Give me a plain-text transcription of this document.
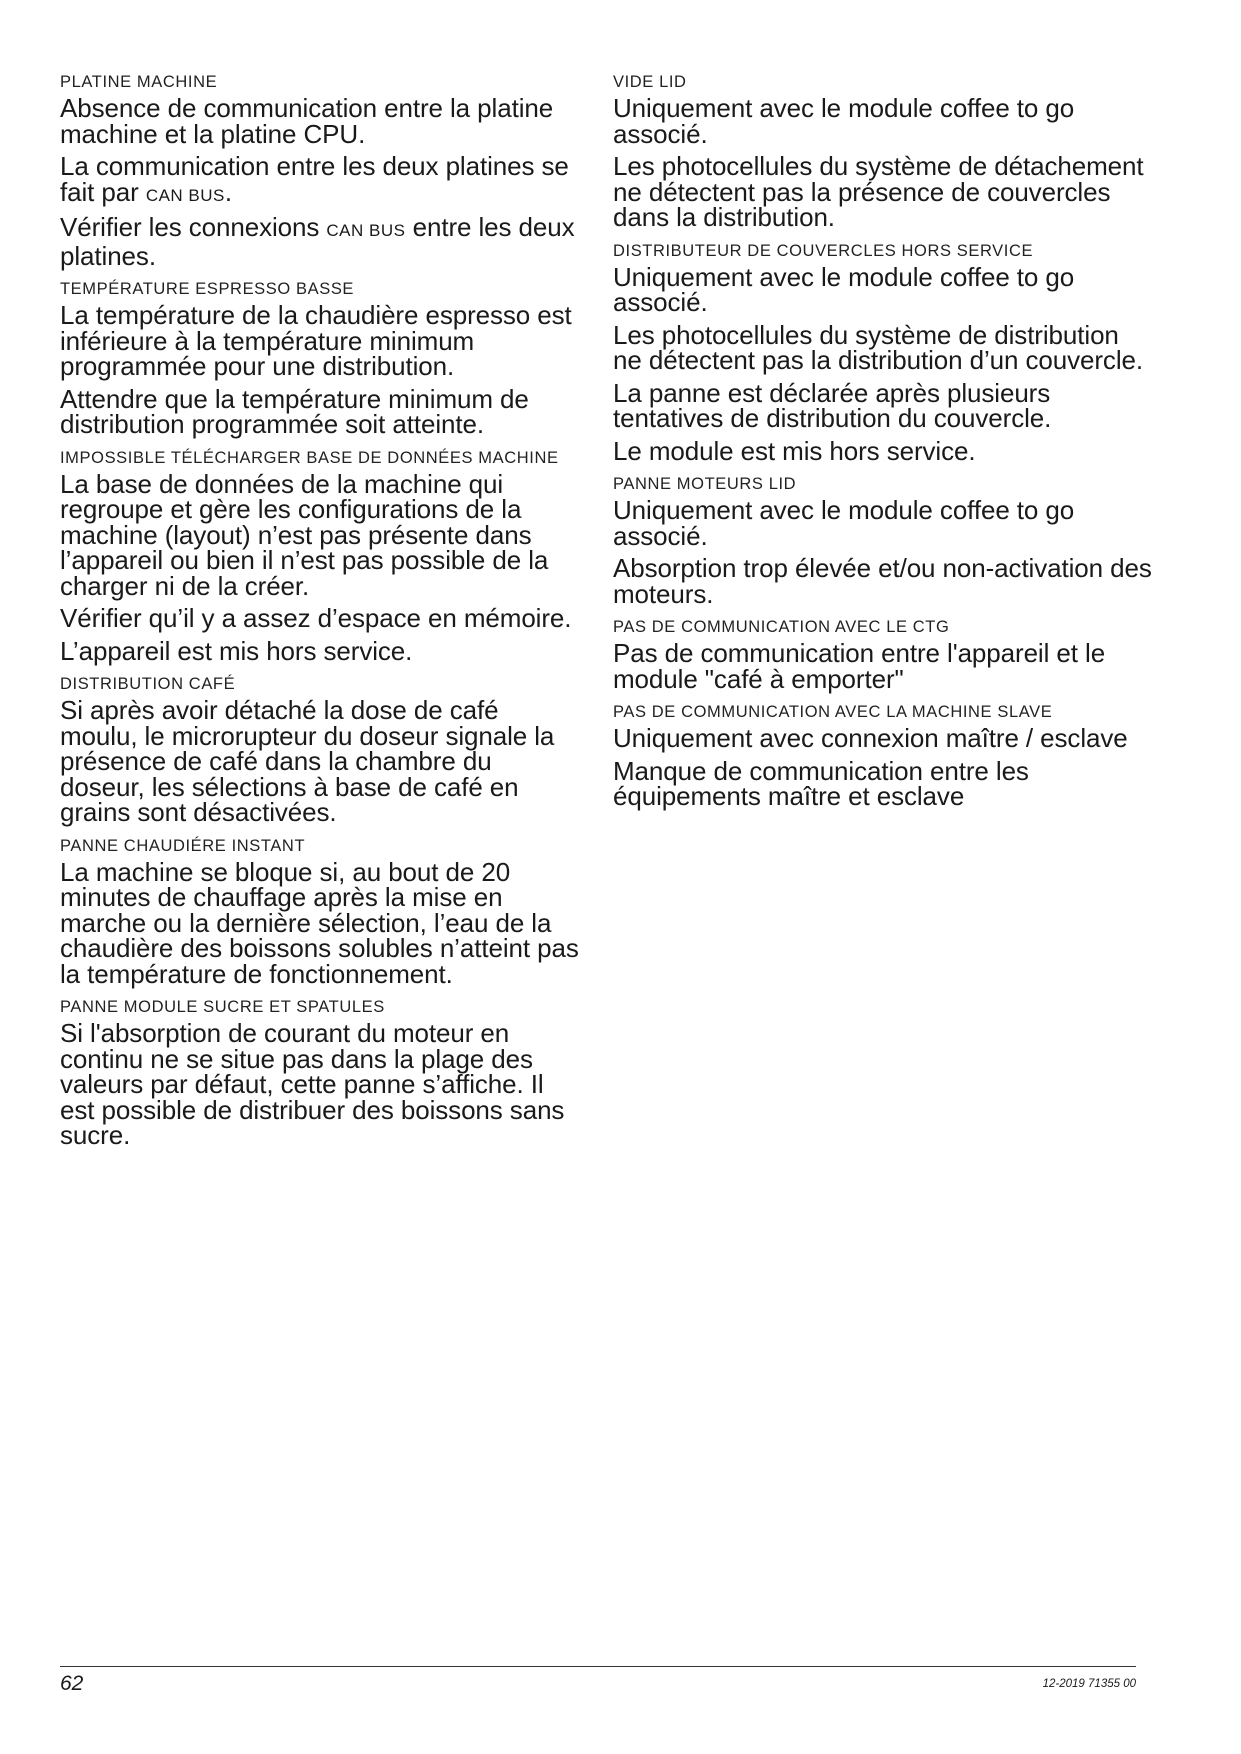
PLATINE MACHINE

Absence de communication entre la platine machine et la platine CPU.

La communication entre les deux platines se fait par CAN BUS.

Vérifier les connexions CAN BUS entre les deux platines.

TEMPÉRATURE ESPRESSO BASSE

La température de la chaudière espresso est inférieure à la température minimum programmée pour une distribution.

Attendre que la température minimum de distribution programmée soit atteinte.

IMPOSSIBLE TÉLÉCHARGER BASE DE DONNÉES MACHINE

La base de données de la machine qui regroupe et gère les configurations de la machine (layout) n’est pas présente dans l’appareil ou bien il n’est pas possible de la charger ni de la créer.

Vérifier qu’il y a assez d’espace en mémoire.

L’appareil est mis hors service.

DISTRIBUTION CAFÉ

Si après avoir détaché la dose de café moulu, le microrupteur du doseur signale la présence de café dans la chambre du doseur, les sélections à base de café en grains sont désactivées.

PANNE CHAUDIÉRE INSTANT

La machine se bloque si, au bout de 20 minutes de chauffage après la mise en marche ou la dernière sélection, l’eau de la chaudière des boissons solubles n’atteint pas la température de fonctionnement.

PANNE MODULE SUCRE ET SPATULES

Si l'absorption de courant du moteur en continu ne se situe pas dans la plage des valeurs par défaut, cette panne s’affiche. Il est possible de distribuer des boissons sans sucre.

VIDE LID

Uniquement avec le module coffee to go associé.

Les photocellules du système de détachement ne détectent pas la présence de couvercles dans la distribution.

DISTRIBUTEUR DE COUVERCLES HORS SERVICE

Uniquement avec le module coffee to go associé.

Les photocellules du système de distribution ne détectent pas la distribution d’un couvercle.

La panne est déclarée après plusieurs tentatives de distribution du couvercle.

Le module est mis hors service.

PANNE MOTEURS LID

Uniquement avec le module coffee to go associé.

Absorption trop élevée et/ou non-activation des moteurs.

PAS DE COMMUNICATION AVEC LE CTG

Pas de communication entre l'appareil et le module "café à emporter"

PAS DE COMMUNICATION AVEC LA MACHINE SLAVE

Uniquement avec connexion maître / esclave

Manque de communication entre les équipements maître et esclave

62	12-2019 71355 00
